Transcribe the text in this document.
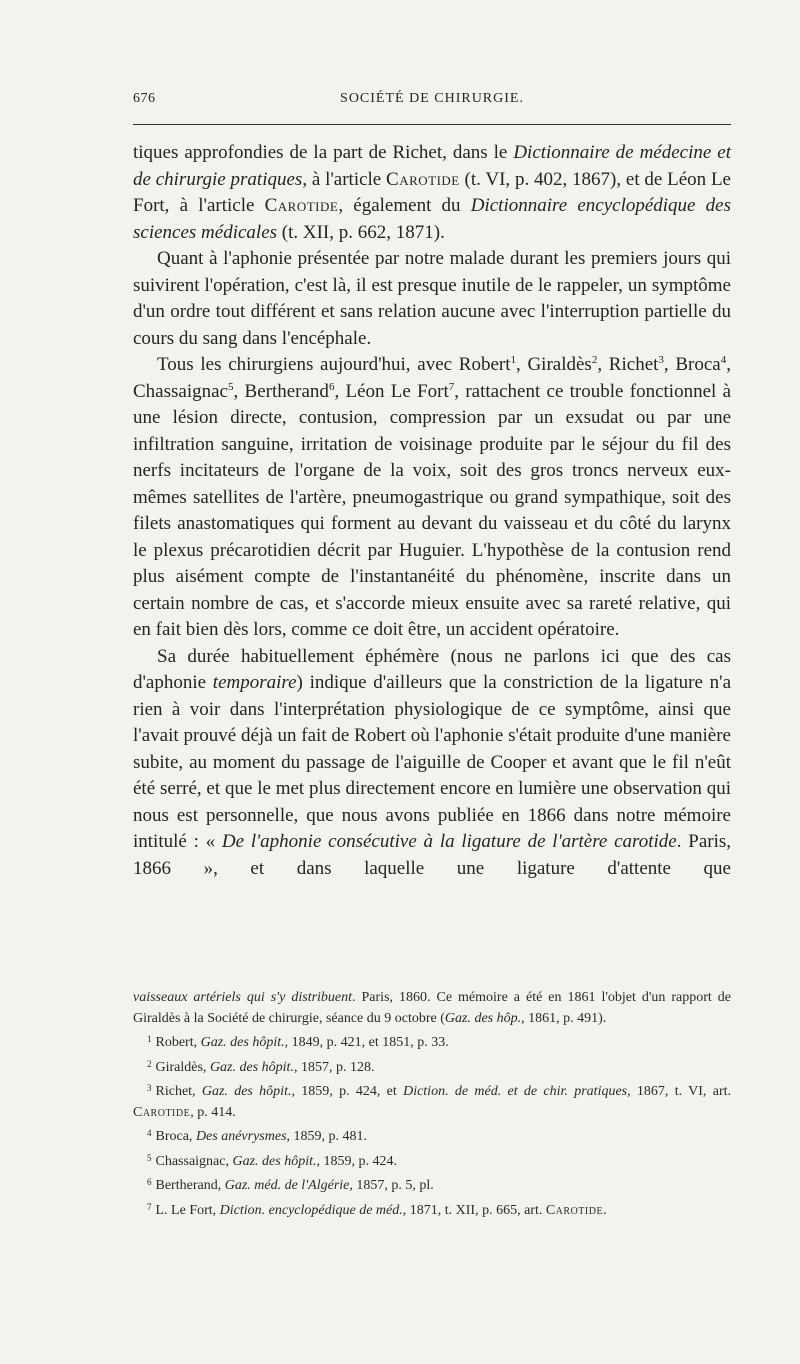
SOCIÉTÉ DE CHIRURGIE.
676

tiques approfondies de la part de Richet, dans le Dictionnaire de médecine et de chirurgie pratiques, à l'article Carotide (t. VI, p. 402, 1867), et de Léon Le Fort, à l'article Carotide, également du Dictionnaire encyclopédique des sciences médicales (t. XII, p. 662, 1871).

Quant à l'aphonie présentée par notre malade durant les premiers jours qui suivirent l'opération, c'est là, il est presque inutile de le rappeler, un symptôme d'un ordre tout différent et sans relation aucune avec l'interruption partielle du cours du sang dans l'encéphale.

Tous les chirurgiens aujourd'hui, avec Robert$^1$, Giraldès$^2$, Richet$^3$, Broca$^4$, Chassaignac$^5$, Bertherand$^6$, Léon Le Fort$^7$, rattachent ce trouble fonctionnel à une lésion directe, contusion, compression par un exsudat ou par une infiltration sanguine, irritation de voisinage produite par le séjour du fil des nerfs incitateurs de l'organe de la voix, soit des gros troncs nerveux eux-mêmes satellites de l'artère, pneumogastrique ou grand sympathique, soit des filets anastomatiques qui forment au devant du vaisseau et du côté du larynx le plexus précarotidien décrit par Huguier. L'hypothèse de la contusion rend plus aisément compte de l'instantanéité du phénomène, inscrite dans un certain nombre de cas, et s'accorde mieux ensuite avec sa rareté relative, qui en fait bien dès lors, comme ce doit être, un accident opératoire.

Sa durée habituellement éphémère (nous ne parlons ici que des cas d'aphonie temporaire) indique d'ailleurs que la constriction de la ligature n'a rien à voir dans l'interprétation physiologique de ce symptôme, ainsi que l'avait prouvé déjà un fait de Robert où l'aphonie s'était produite d'une manière subite, au moment du passage de l'aiguille de Cooper et avant que le fil n'eût été serré, et que le met plus directement encore en lumière une observation qui nous est personnelle, que nous avons publiée en 1866 dans notre mémoire intitulé : « De l'aphonie consécutive à la ligature de l'artère carotide. Paris, 1866 », et dans laquelle une ligature d'attente que

vaisseaux artériels qui s'y distribuent. Paris, 1860. Ce mémoire a été en 1861 l'objet d'un rapport de Giraldès à la Société de chirurgie, séance du 9 octobre (Gaz. des hôp., 1861, p. 491).

$^1$ Robert, Gaz. des hôpit., 1849, p. 421, et 1851, p. 33.

$^2$ Giraldès, Gaz. des hôpit., 1857, p. 128.

$^3$ Richet, Gaz. des hôpit., 1859, p. 424, et Diction. de méd. et de chir. pratiques, 1867, t. VI, art. Carotide, p. 414.

$^4$ Broca, Des anévrysmes, 1859, p. 481.

$^5$ Chassaignac, Gaz. des hôpit., 1859, p. 424.

$^6$ Bertherand, Gaz. méd. de l'Algérie, 1857, p. 5, pl.

$^7$ L. Le Fort, Diction. encyclopédique de méd., 1871, t. XII, p. 665, art. Carotide.
